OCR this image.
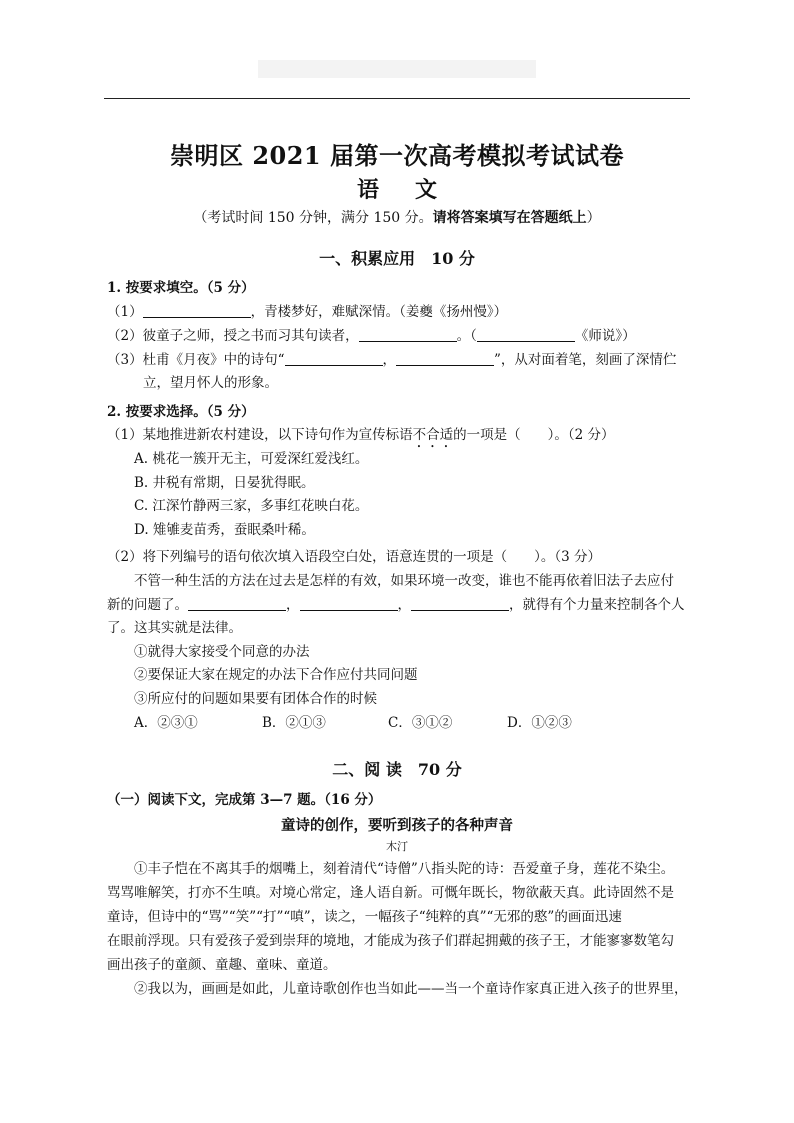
崇明区 2021 届第一次高考模拟考试试卷
语 文
（考试时间 150 分钟，满分 150 分。请将答案填写在答题纸上）
一、积累应用　10 分
1. 按要求填空。（5 分）
（1）	，青楼梦好，难赋深情。（姜夔《扬州慢》）
（2）彼童子之师，授之书而习其句读者，	。（	《师说》）
（3）杜甫《月夜》中的诗句“	，	”，从对面着笔，刻画了深情伫
立，望月怀人的形象。
2. 按要求选择。（5 分）
（1）某地推进新农村建设，以下诗句作为宣传标语不合适的一项是（　　）。（2 分）
A. 桃花一簇开无主，可爱深红爱浅红。
B. 井税有常期，日晏犹得眠。
C. 江深竹静两三家，多事红花映白花。
D. 雉雊麦苗秀，蚕眠桑叶稀。
（2）将下列编号的语句依次填入语段空白处，语意连贯的一项是（　　）。（3 分）
不管一种生活的方法在过去是怎样的有效，如果环境一改变，谁也不能再依着旧法子去应付
新的问题了。	，	，	，就得有个力量来控制各个人
了。这其实就是法律。
①就得大家接受个同意的办法
②要保证大家在规定的办法下合作应付共同问题
③所应付的问题如果要有团体合作的时候
A．②③①	B．②①③	C．③①②	D．①②③
二、阅 读　70 分
（一）阅读下文，完成第 3—7 题。（16 分）
童诗的创作，要听到孩子的各种声音
木汀
①丰子恺在不离其手的烟嘴上，刻着清代“诗僧”八指头陀的诗：吾爱童子身，莲花不染尘。
骂骂唯解笑，打亦不生嗔。对境心常定，逢人语自新。可慨年既长，物欲蔽天真。此诗固然不是
童诗，但诗中的“骂”“笑”“打”“嗔”，读之，一幅孩子“纯粹的真”“无邪的憨”的画面迅速
在眼前浮现。只有爱孩子爱到崇拜的境地，才能成为孩子们群起拥戴的孩子王，才能寥寥数笔勾
画出孩子的童颜、童趣、童味、童道。
②我以为，画画是如此，儿童诗歌创作也当如此——当一个童诗作家真正进入孩子的世界里，
